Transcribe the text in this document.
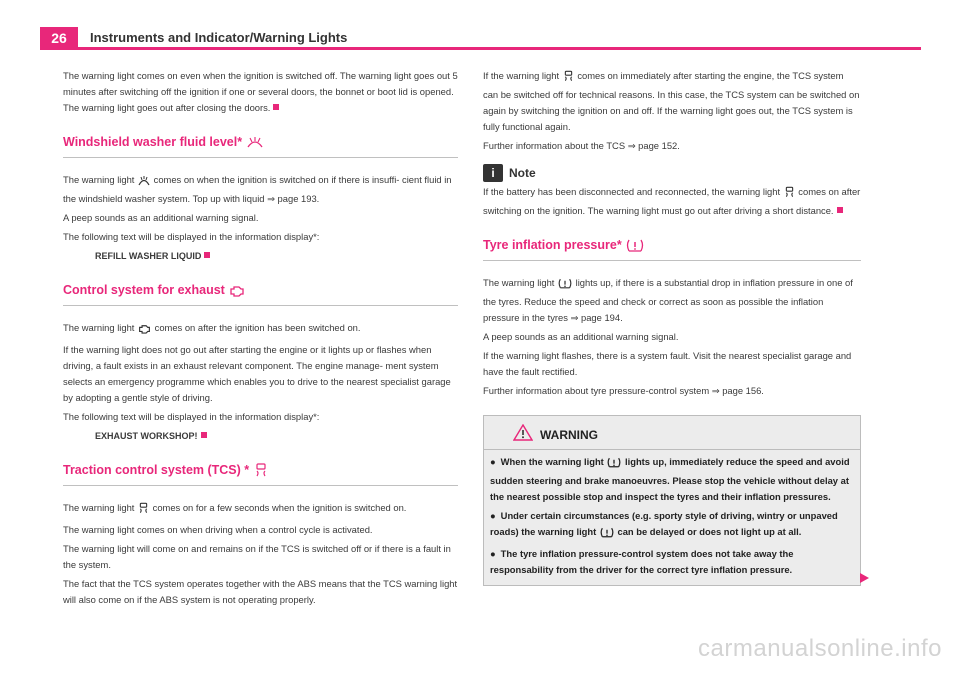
26	Instruments and Indicator/Warning Lights

The warning light comes on even when the ignition is switched off. The warning light goes out 5 minutes after switching off the ignition if one or several doors, the bonnet or boot lid is opened. The warning light goes out after closing the doors.

Windshield washer fluid level*

The warning light comes on when the ignition is switched on if there is insuffi- cient fluid in the windshield washer system. Top up with liquid ⇒ page 193.

A peep sounds as an additional warning signal.

The following text will be displayed in the information display*:

REFILL WASHER LIQUID

Control system for exhaust

The warning light comes on after the ignition has been switched on.

If the warning light does not go out after starting the engine or it lights up or flashes when driving, a fault exists in an exhaust relevant component. The engine manage- ment system selects an emergency programme which enables you to drive to the nearest specialist garage by adopting a gentle style of driving.

The following text will be displayed in the information display*:

EXHAUST WORKSHOP!

Traction control system (TCS) *

The warning light comes on for a few seconds when the ignition is switched on.

The warning light comes on when driving when a control cycle is activated.

The warning light will come on and remains on if the TCS is switched off or if there is a fault in the system.

The fact that the TCS system operates together with the ABS means that the TCS warning light will also come on if the ABS system is not operating properly.

If the warning light comes on immediately after starting the engine, the TCS system can be switched off for technical reasons. In this case, the TCS system can be switched on again by switching the ignition on and off. If the warning light goes out, the TCS system is fully functional again.

Further information about the TCS ⇒ page 152.

i	Note

If the battery has been disconnected and reconnected, the warning light comes on after switching on the ignition. The warning light must go out after driving a short distance.

Tyre inflation pressure*

The warning light lights up, if there is a substantial drop in inflation pressure in one of the tyres. Reduce the speed and check or correct as soon as possible the inflation pressure in the tyres ⇒ page 194.

A peep sounds as an additional warning signal.

If the warning light flashes, there is a system fault. Visit the nearest specialist garage and have the fault rectified.

Further information about tyre pressure-control system ⇒ page 156.

WARNING

● When the warning light lights up, immediately reduce the speed and avoid sudden steering and brake manoeuvres. Please stop the vehicle without delay at the nearest possible stop and inspect the tyres and their inflation pressures.

● Under certain circumstances (e.g. sporty style of driving, wintry or unpaved roads) the warning light can be delayed or does not light up at all.

● The tyre inflation pressure-control system does not take away the responsability from the driver for the correct tyre inflation pressure.

carmanualsonline.info
